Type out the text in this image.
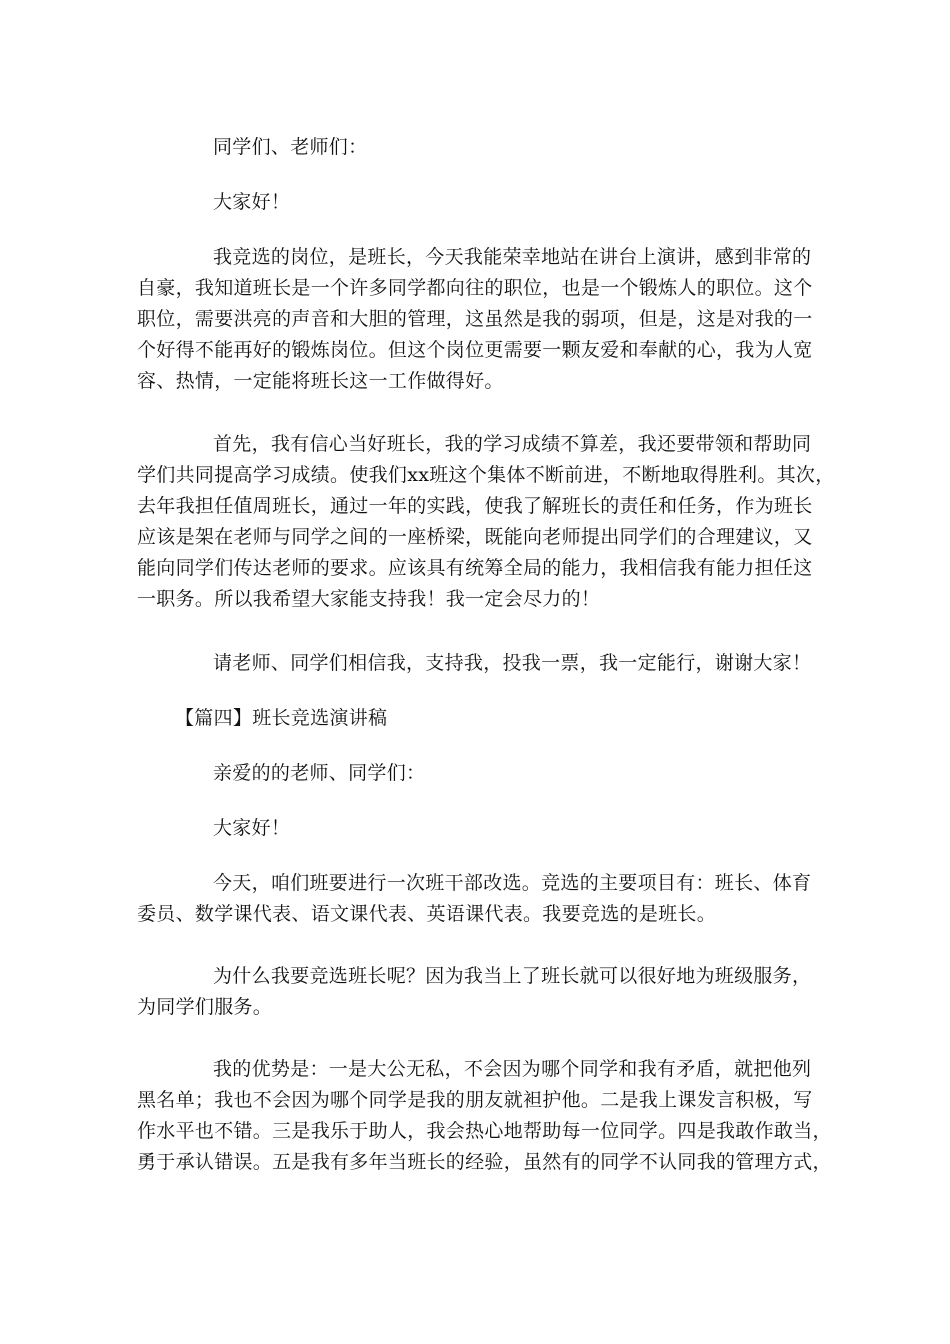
同学们、老师们：

大家好！

我竞选的岗位，是班长，今天我能荣幸地站在讲台上演讲，感到非常的
自豪，我知道班长是一个许多同学都向往的职位，也是一个锻炼人的职位。这个
职位，需要洪亮的声音和大胆的管理，这虽然是我的弱项，但是，这是对我的一
个好得不能再好的锻炼岗位。但这个岗位更需要一颗友爱和奉献的心，我为人宽
容、热情，一定能将班长这一工作做得好。
首先，我有信心当好班长，我的学习成绩不算差，我还要带领和帮助同
学们共同提高学习成绩。使我们xx班这个集体不断前进，不断地取得胜利。其次，
去年我担任值周班长，通过一年的实践，使我了解班长的责任和任务，作为班长
应该是架在老师与同学之间的一座桥梁，既能向老师提出同学们的合理建议，又
能向同学们传达老师的要求。应该具有统筹全局的能力，我相信我有能力担任这
一职务。所以我希望大家能支持我！我一定会尽力的！

请老师、同学们相信我，支持我，投我一票，我一定能行，谢谢大家！

【篇四】班长竞选演讲稿

亲爱的的老师、同学们：

大家好！

今天，咱们班要进行一次班干部改选。竞选的主要项目有：班长、体育
委员、数学课代表、语文课代表、英语课代表。我要竞选的是班长。
为什么我要竞选班长呢？因为我当上了班长就可以很好地为班级服务，
为同学们服务。
我的优势是：一是大公无私，不会因为哪个同学和我有矛盾，就把他列
黑名单；我也不会因为哪个同学是我的朋友就袒护他。二是我上课发言积极，写
作水平也不错。三是我乐于助人，我会热心地帮助每一位同学。四是我敢作敢当，
勇于承认错误。五是我有多年当班长的经验，虽然有的同学不认同我的管理方式，
